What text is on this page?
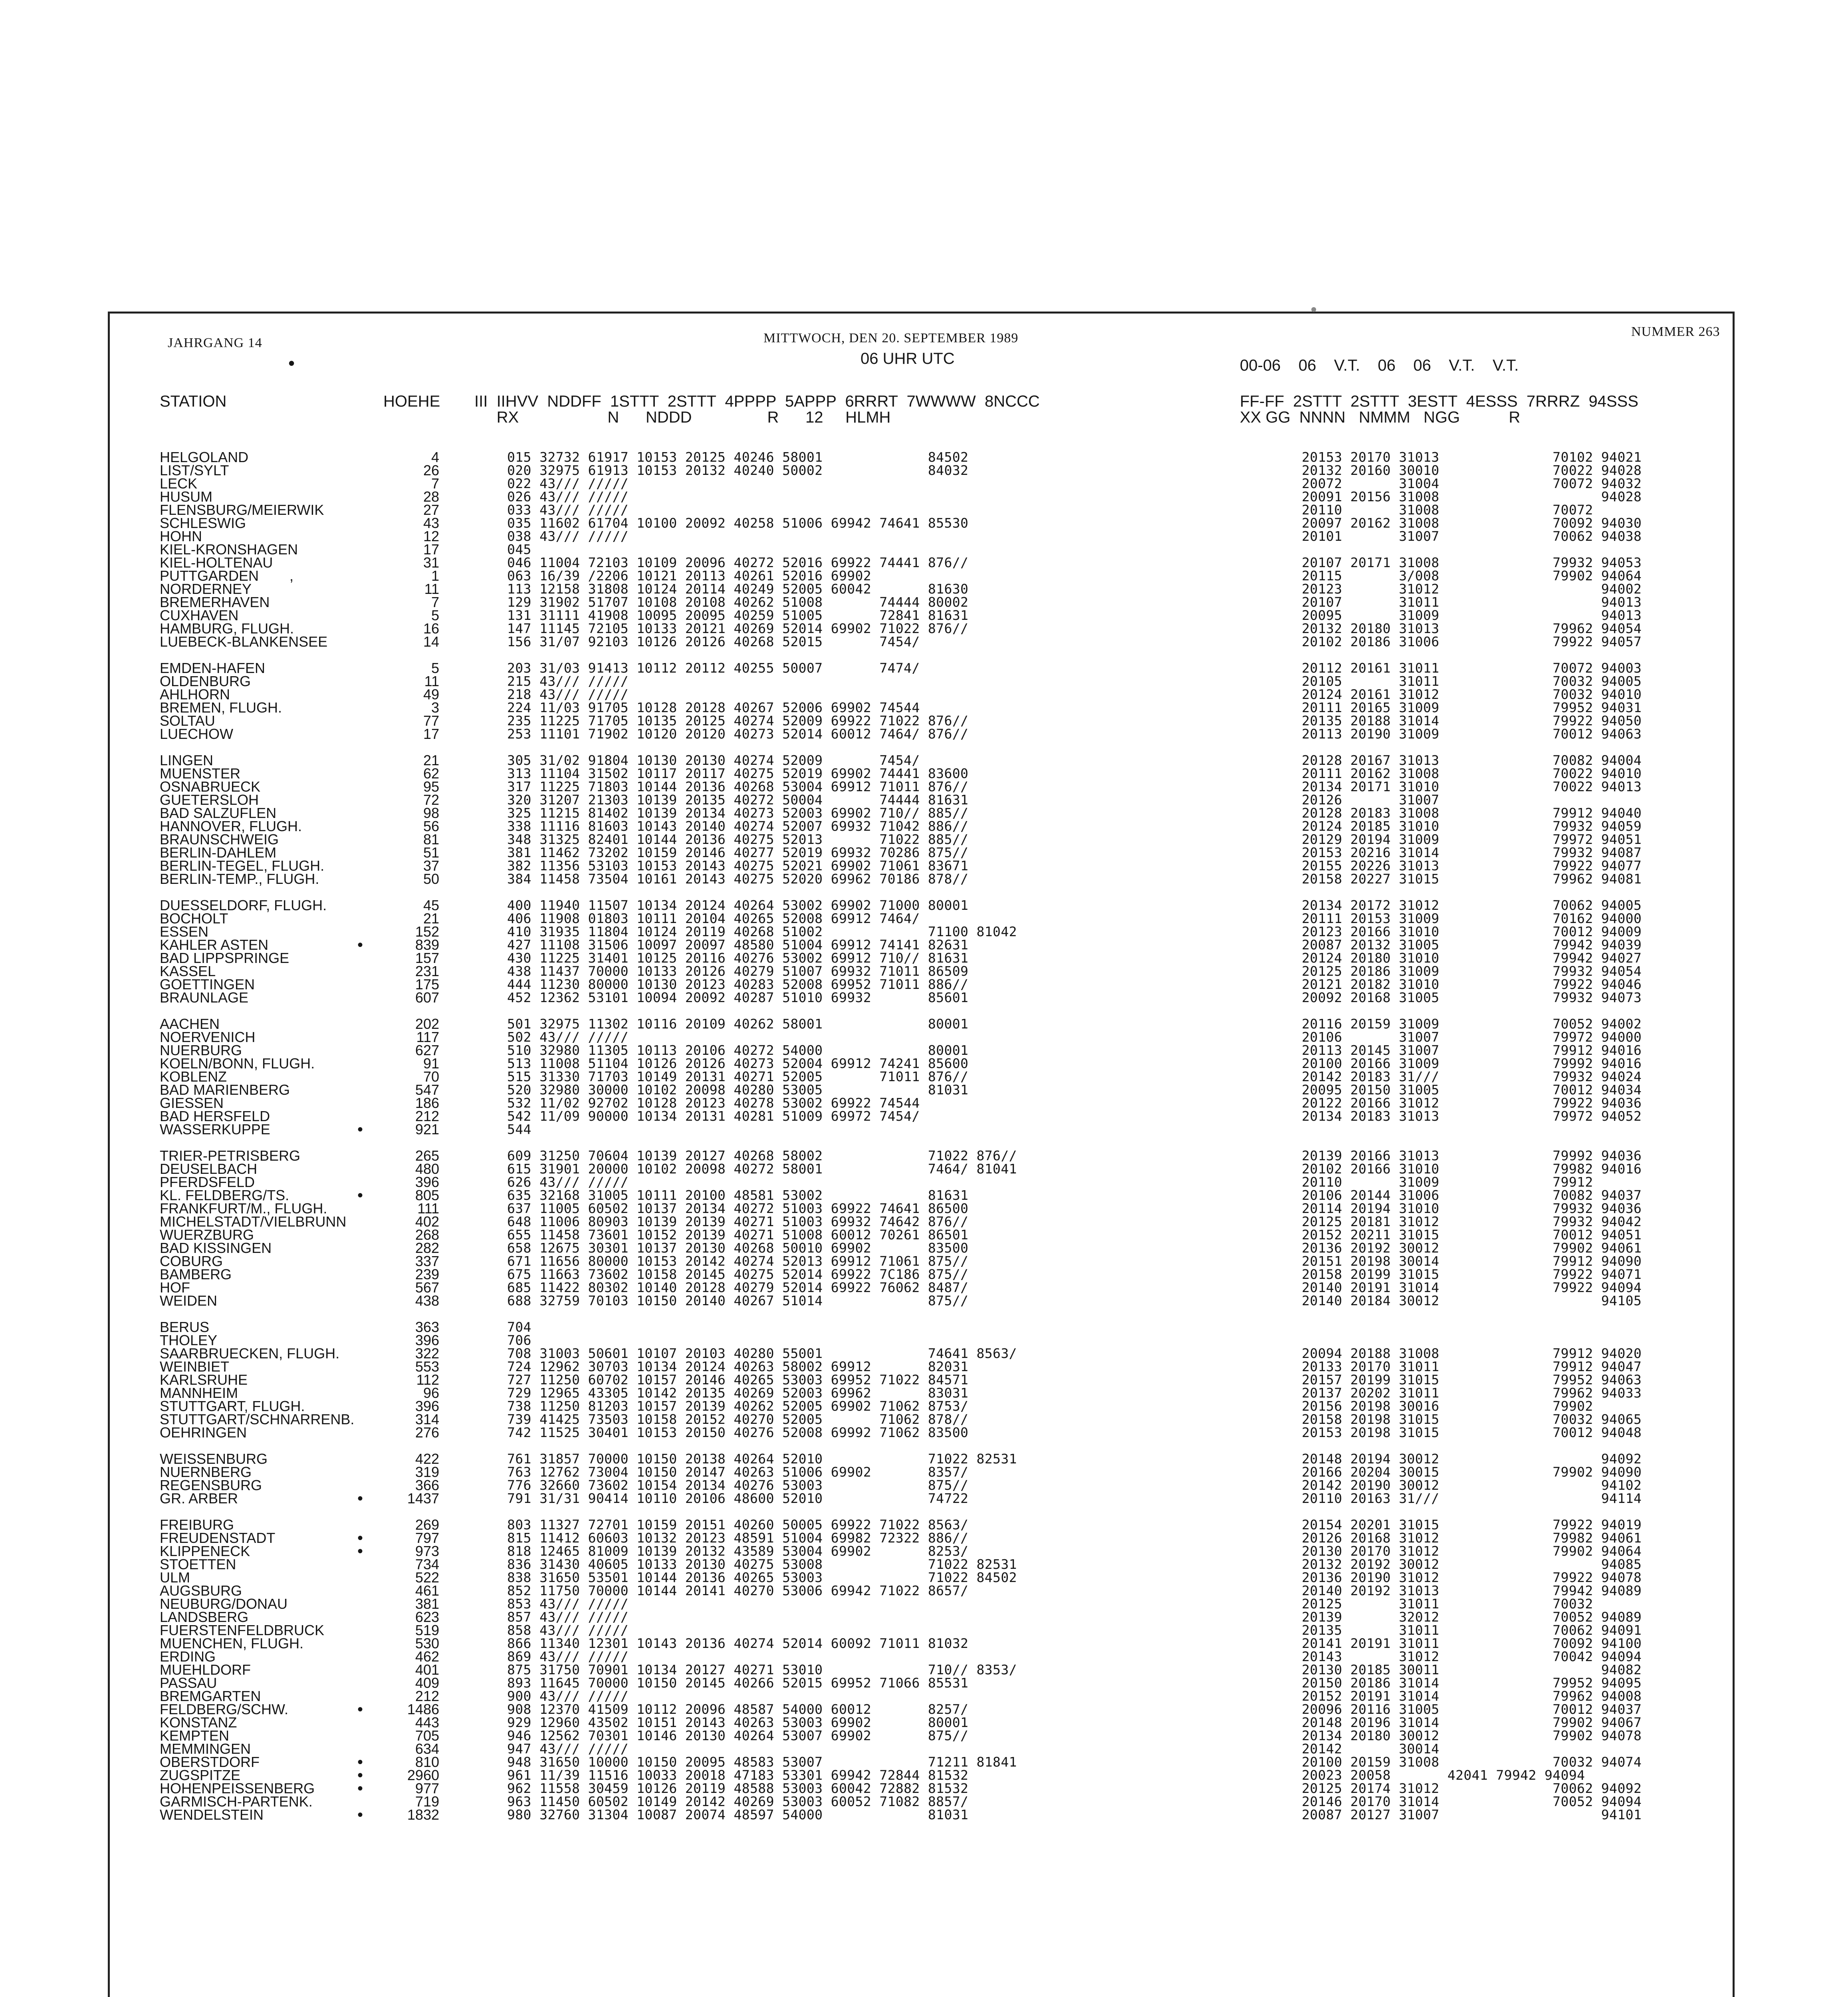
JAHRGANG 14
•
MITTWOCH, DEN 20. SEPTEMBER 1989
06 UHR UTC
NUMMER 263
STATION	HOEHE III  IIHVV  NDDFF  1STTT  2STTT  4PPPP  5APPP  6RRRT  7WWWW  8NCCC
RX                    N      NDDD                 R      12     HLMH
00-06    06    V.T.    06    06    V.T.    V.T.
FF-FF  2STTT  2STTT  3ESTT  4ESSS  7RRRZ  94SSS
XX GG  NNNN   NMMM   NGG           R
HELGOLAND	4	015 32732 61917 10153 20125 40246 58001             84502	20153 20170 31013              70102 94021
LIST/SYLT	26	020 32975 61913 10153 20132 40240 50002             84032	20132 20160 30010              70022 94028
LECK	7	022 43/// /////	20072       31004              70072 94032
HUSUM	28	026 43/// /////	20091 20156 31008                    94028
FLENSBURG/MEIERWIK	27	033 43/// /////	20110       31008              70072
SCHLESWIG	43	035 11602 61704 10100 20092 40258 51006 69942 74641 85530	20097 20162 31008              70092 94030
HOHN	12	038 43/// /////	20101       31007              70062 94038
KIEL-KRONSHAGEN	17	045
KIEL-HOLTENAU	31	046 11004 72103 10109 20096 40272 52016 69922 74441 876//	20107 20171 31008              79932 94053
PUTTGARDEN ,	1	063 16/39 /2206 10121 20113 40261 52016 69902	20115       3/008              79902 94064
NORDERNEY	11	113 12158 31808 10124 20114 40249 52005 60042       81630	20123       31012                    94002
BREMERHAVEN	7	129 31902 51707 10108 20108 40262 51008       74444 80002	20107       31011                    94013
CUXHAVEN	5	131 31111 41908 10095 20095 40259 51005       72841 81631	20095       31009                    94013
HAMBURG, FLUGH.	16	147 11145 72105 10133 20121 40269 52014 69902 71022 876//	20132 20180 31013              79962 94054
LUEBECK-BLANKENSEE	14	156 31/07 92103 10126 20126 40268 52015       7454/	20102 20186 31006              79922 94057
EMDEN-HAFEN	5	203 31/03 91413 10112 20112 40255 50007       7474/	20112 20161 31011              70072 94003
OLDENBURG	11	215 43/// /////	20105       31011              70032 94005
AHLHORN	49	218 43/// /////	20124 20161 31012              70032 94010
BREMEN, FLUGH.	3	224 11/03 91705 10128 20128 40267 52006 69902 74544	20111 20165 31009              79952 94031
SOLTAU	77	235 11225 71705 10135 20125 40274 52009 69922 71022 876//	20135 20188 31014              79922 94050
LUECHOW	17	253 11101 71902 10120 20120 40273 52014 60012 7464/ 876//	20113 20190 31009              70012 94063
LINGEN	21	305 31/02 91804 10130 20130 40274 52009       7454/	20128 20167 31013              70082 94004
MUENSTER	62	313 11104 31502 10117 20117 40275 52019 69902 74441 83600	20111 20162 31008              70022 94010
OSNABRUECK	95	317 11225 71803 10144 20136 40268 53004 69912 71011 876//	20134 20171 31010              70022 94013
GUETERSLOH	72	320 31207 21303 10139 20135 40272 50004       74444 81631	20126       31007
BAD SALZUFLEN	98	325 11215 81402 10139 20134 40273 52003 69902 710// 885//	20128 20183 31008              79912 94040
HANNOVER, FLUGH.	56	338 11116 81603 10143 20140 40274 52007 69932 71042 886//	20124 20185 31010              79932 94059
BRAUNSCHWEIG	81	348 31325 82401 10144 20136 40275 52013       71022 885//	20129 20194 31009              79972 94051
BERLIN-DAHLEM	51	381 11462 73202 10159 20146 40277 52019 69932 70286 875//	20153 20216 31014              79932 94087
BERLIN-TEGEL, FLUGH.	37	382 11356 53103 10153 20143 40275 52021 69902 71061 83671	20155 20226 31013              79922 94077
BERLIN-TEMP., FLUGH.	50	384 11458 73504 10161 20143 40275 52020 69962 70186 878//	20158 20227 31015              79962 94081
DUESSELDORF, FLUGH.	45	400 11940 11507 10134 20124 40264 53002 69902 71000 80001	20134 20172 31012              70062 94005
BOCHOLT	21	406 11908 01803 10111 20104 40265 52008 69912 7464/	20111 20153 31009              70162 94000
ESSEN	152	410 31935 11804 10124 20119 40268 51002             71100 81042	20123 20166 31010              70012 94009
KAHLER ASTEN	•	839	427 11108 31506 10097 20097 48580 51004 69912 74141 82631	20087 20132 31005              79942 94039
BAD LIPPSPRINGE	157	430 11225 31401 10125 20116 40276 53002 69912 710// 81631	20124 20180 31010              79942 94027
KASSEL	231	438 11437 70000 10133 20126 40279 51007 69932 71011 86509	20125 20186 31009              79932 94054
GOETTINGEN	175	444 11230 80000 10130 20123 40283 52008 69952 71011 886//	20121 20182 31010              79922 94046
BRAUNLAGE	607	452 12362 53101 10094 20092 40287 51010 69932       85601	20092 20168 31005              79932 94073
AACHEN	202	501 32975 11302 10116 20109 40262 58001             80001	20116 20159 31009              70052 94002
NOERVENICH	117	502 43/// /////	20106       31007              79972 94000
NUERBURG	627	510 32980 11305 10113 20106 40272 54000             80001	20113 20145 31007              79912 94016
KOELN/BONN, FLUGH.	91	513 11008 51104 10126 20126 40273 52004 69912 74241 85600	20100 20166 31009              79992 94016
KOBLENZ	70	515 31330 71703 10149 20131 40271 52005       71011 876//	20142 20183 31///              79932 94024
BAD MARIENBERG	547	520 32980 30000 10102 20098 40280 53005             81031	20095 20150 31005              70012 94034
GIESSEN	186	532 11/02 92702 10128 20123 40278 53002 69922 74544	20122 20166 31012              79922 94036
BAD HERSFELD	212	542 11/09 90000 10134 20131 40281 51009 69972 7454/	20134 20183 31013              79972 94052
WASSERKUPPE	•	921	544
TRIER-PETRISBERG	265	609 31250 70604 10139 20127 40268 58002             71022 876//	20139 20166 31013              79992 94036
DEUSELBACH	480	615 31901 20000 10102 20098 40272 58001             7464/ 81041	20102 20166 31010              79982 94016
PFERDSFELD	396	626 43/// /////	20110       31009              79912
KL. FELDBERG/TS.	•	805	635 32168 31005 10111 20100 48581 53002             81631	20106 20144 31006              70082 94037
FRANKFURT/M., FLUGH.	111	637 11005 60502 10137 20134 40272 51003 69922 74641 86500	20114 20194 31010              79932 94036
MICHELSTADT/VIELBRUNN	402	648 11006 80903 10139 20139 40271 51003 69932 74642 876//	20125 20181 31012              79932 94042
WUERZBURG	268	655 11458 73601 10152 20139 40271 51008 60012 70261 86501	20152 20211 31015              70012 94051
BAD KISSINGEN	282	658 12675 30301 10137 20130 40268 50010 69902       83500	20136 20192 30012              79902 94061
COBURG	337	671 11656 80000 10153 20142 40274 52013 69912 71061 875//	20151 20198 30014              79912 94090
BAMBERG	239	675 11663 73602 10158 20145 40275 52014 69922 7C186 875//	20158 20199 31015              79922 94071
HOF	567	685 11422 80302 10140 20128 40279 52014 69922 76062 8487/	20140 20191 31014              79922 94094
WEIDEN	438	688 32759 70103 10150 20140 40267 51014             875//	20140 20184 30012                    94105
BERUS	363	704
THOLEY	396	706
SAARBRUECKEN, FLUGH.	322	708 31003 50601 10107 20103 40280 55001             74641 8563/	20094 20188 31008              79912 94020
WEINBIET	553	724 12962 30703 10134 20124 40263 58002 69912       82031	20133 20170 31011              79912 94047
KARLSRUHE	112	727 11250 60702 10157 20146 40265 53003 69952 71022 84571	20157 20199 31015              79952 94063
MANNHEIM	96	729 12965 43305 10142 20135 40269 52003 69962       83031	20137 20202 31011              79962 94033
STUTTGART, FLUGH.	396	738 11250 81203 10157 20139 40262 52005 69902 71062 8753/	20156 20198 30016              79902
STUTTGART/SCHNARRENB.	314	739 41425 73503 10158 20152 40270 52005       71062 878//	20158 20198 31015              70032 94065
OEHRINGEN	276	742 11525 30401 10153 20150 40276 52008 69992 71062 83500	20153 20198 31015              70012 94048
WEISSENBURG	422	761 31857 70000 10150 20138 40264 52010             71022 82531	20148 20194 30012                    94092
NUERNBERG	319	763 12762 73004 10150 20147 40263 51006 69902       8357/	20166 20204 30015              79902 94090
REGENSBURG	366	776 32660 73602 10154 20134 40276 53003             875//	20142 20190 30012                    94102
GR. ARBER	•	1437	791 31/31 90414 10110 20106 48600 52010             74722	20110 20163 31///                    94114
FREIBURG	269	803 11327 72701 10159 20151 40260 50005 69922 71022 8563/	20154 20201 31015              79922 94019
FREUDENSTADT	•	797	815 11412 60603 10132 20123 48591 51004 69982 72322 886//	20126 20168 31012              79982 94061
KLIPPENECK	•	973	818 12465 81009 10139 20132 43589 53004 69902       8253/	20130 20170 31012              79902 94064
STOETTEN	734	836 31430 40605 10133 20130 40275 53008             71022 82531	20132 20192 30012                    94085
ULM	522	838 31650 53501 10144 20136 40265 53003             71022 84502	20136 20190 31012              79922 94078
AUGSBURG	461	852 11750 70000 10144 20141 40270 53006 69942 71022 8657/	20140 20192 31013              79942 94089
NEUBURG/DONAU	381	853 43/// /////	20125       31011              70032
LANDSBERG	623	857 43/// /////	20139       32012              70052 94089
FUERSTENFELDBRUCK	519	858 43/// /////	20135       31011              70062 94091
MUENCHEN, FLUGH.	530	866 11340 12301 10143 20136 40274 52014 60092 71011 81032	20141 20191 31011              70092 94100
ERDING	462	869 43/// /////	20143       31012              70042 94094
MUEHLDORF	401	875 31750 70901 10134 20127 40271 53010             710// 8353/	20130 20185 30011                    94082
PASSAU	409	893 11645 70000 10150 20145 40266 52015 69952 71066 85531	20150 20186 31014              79952 94095
BREMGARTEN	212	900 43/// /////	20152 20191 31014              79962 94008
FELDBERG/SCHW.	•	1486	908 12370 41509 10112 20096 48587 54000 60012       8257/	20096 20116 31005              70012 94037
KONSTANZ	443	929 12960 43502 10151 20143 40263 53003 69902       80001	20148 20196 31014              79902 94067
KEMPTEN	705	946 12562 70301 10146 20130 40264 53007 69902       875//	20134 20180 30012              79902 94078
MEMMINGEN	634	947 43/// /////	20142       30014
OBERSTDORF	•	810	948 31650 10000 10150 20095 48583 53007             71211 81841	20100 20159 31008              70032 94074
ZUGSPITZE	•	2960	961 11/39 11516 10033 20018 47183 53301 69942 72844 81532	20023 20058       42041 79942 94094
HOHENPEISSENBERG	•	977	962 11558 30459 10126 20119 48588 53003 60042 72882 81532	20125 20174 31012              70062 94092
GARMISCH-PARTENK.	719	963 11450 60502 10149 20142 40269 53003 60052 71082 8857/	20146 20170 31014              70052 94094
WENDELSTEIN	•	1832	980 32760 31304 10087 20074 48597 54000             81031	20087 20127 31007                    94101
